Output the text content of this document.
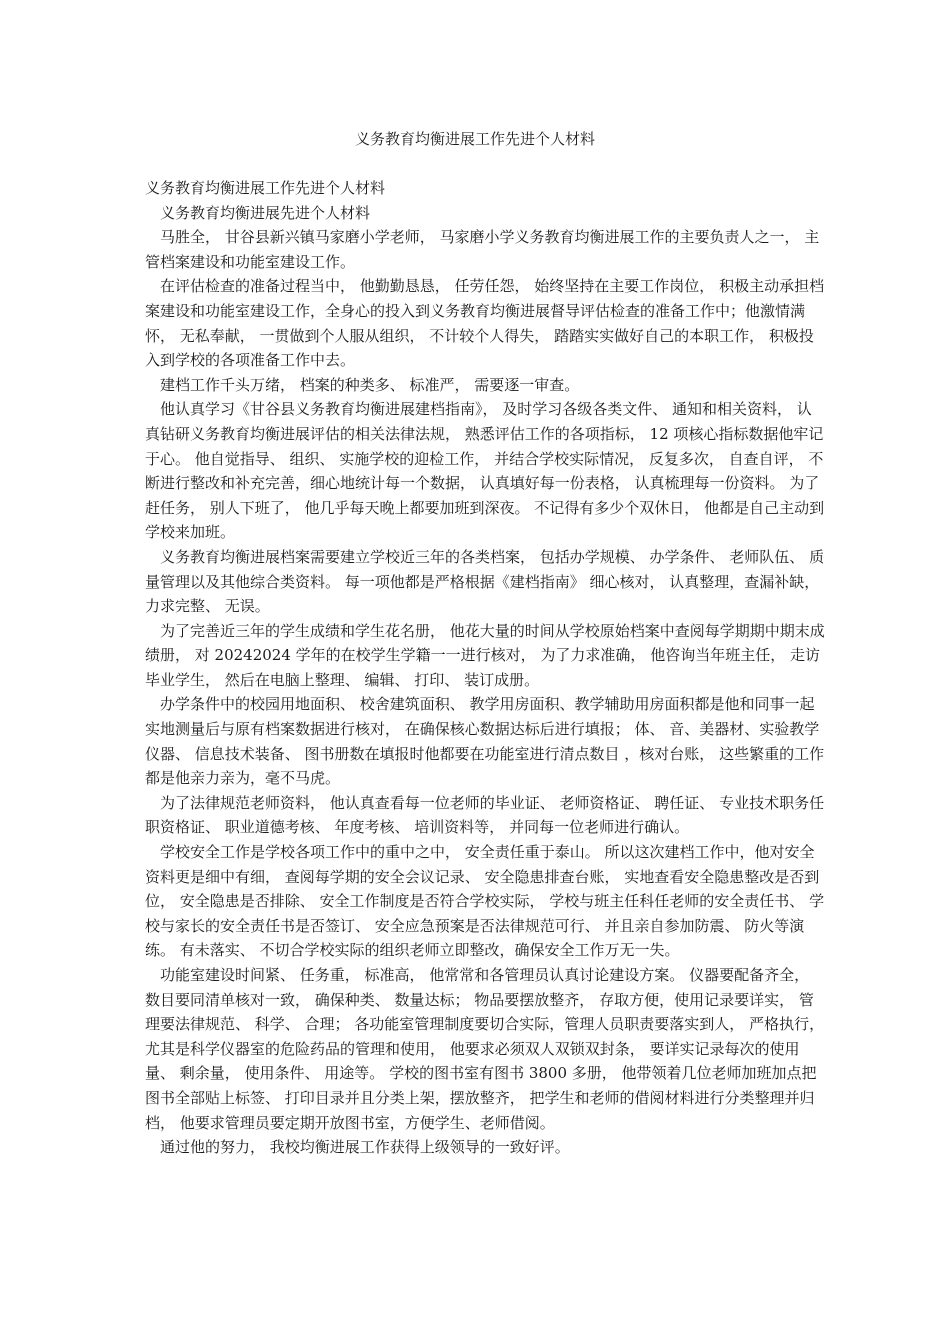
义务教育均衡进展工作先进个人材料

义务教育均衡进展工作先进个人材料

义务教育均衡进展先进个人材料

马胜全， 甘谷县新兴镇马家磨小学老师， 马家磨小学义务教育均衡进展工作的主要负责人之一， 主管档案建设和功能室建设工作。

在评估检查的准备过程当中， 他勤勤恳恳， 任劳任怨， 始终坚持在主要工作岗位， 积极主动承担档案建设和功能室建设工作，全身心的投入到义务教育均衡进展督导评估检查的准备工作中；他激情满怀， 无私奉献， 一贯做到个人服从组织， 不计较个人得失， 踏踏实实做好自己的本职工作， 积极投入到学校的各项准备工作中去。

建档工作千头万绪， 档案的种类多、 标准严， 需要逐一审查。

他认真学习《甘谷县义务教育均衡进展建档指南》， 及时学习各级各类文件、 通知和相关资料， 认真钻研义务教育均衡进展评估的相关法律法规， 熟悉评估工作的各项指标， 12 项核心指标数据他牢记于心。 他自觉指导、 组织、 实施学校的迎检工作， 并结合学校实际情况， 反复多次， 自查自评， 不断进行整改和补充完善，细心地统计每一个数据， 认真填好每一份表格， 认真梳理每一份资料。 为了赶任务， 别人下班了， 他几乎每天晚上都要加班到深夜。 不记得有多少个双休日， 他都是自己主动到学校来加班。

义务教育均衡进展档案需要建立学校近三年的各类档案， 包括办学规模、 办学条件、 老师队伍、 质量管理以及其他综合类资料。 每一项他都是严格根据《建档指南》 细心核对， 认真整理，查漏补缺， 力求完整、 无误。

为了完善近三年的学生成绩和学生花名册， 他花大量的时间从学校原始档案中查阅每学期期中期末成绩册， 对 20242024 学年的在校学生学籍一一进行核对， 为了力求准确， 他咨询当年班主任， 走访毕业学生， 然后在电脑上整理、 编辑、 打印、 装订成册。

办学条件中的校园用地面积、 校舍建筑面积、 教学用房面积、教学辅助用房面积都是他和同事一起实地测量后与原有档案数据进行核对， 在确保核心数据达标后进行填报； 体、 音、美器材、实验教学仪器、 信息技术装备、 图书册数在填报时他都要在功能室进行清点数目 ，核对台账， 这些繁重的工作都是他亲力亲为，毫不马虎。

为了法律规范老师资料， 他认真查看每一位老师的毕业证、 老师资格证、 聘任证、 专业技术职务任职资格证、 职业道德考核、 年度考核、 培训资料等， 并同每一位老师进行确认。

学校安全工作是学校各项工作中的重中之中， 安全责任重于泰山。 所以这次建档工作中，他对安全资料更是细中有细， 查阅每学期的安全会议记录、 安全隐患排查台账， 实地查看安全隐患整改是否到位， 安全隐患是否排除、 安全工作制度是否符合学校实际， 学校与班主任科任老师的安全责任书、 学校与家长的安全责任书是否签订、 安全应急预案是否法律规范可行、 并且亲自参加防震、 防火等演练。 有未落实、 不切合学校实际的组织老师立即整改，确保安全工作万无一失。

功能室建设时间紧、 任务重， 标准高， 他常常和各管理员认真讨论建设方案。 仪器要配备齐全， 数目要同清单核对一致， 确保种类、 数量达标； 物品要摆放整齐， 存取方便，使用记录要详实， 管理要法律规范、 科学、 合理； 各功能室管理制度要切合实际，管理人员职责要落实到人， 严格执行， 尤其是科学仪器室的危险药品的管理和使用， 他要求必须双人双锁双封条， 要详实记录每次的使用量、 剩余量， 使用条件、 用途等。 学校的图书室有图书 3800 多册， 他带领着几位老师加班加点把图书全部贴上标签、 打印目录并且分类上架，摆放整齐， 把学生和老师的借阅材料进行分类整理并归档， 他要求管理员要定期开放图书室，方便学生、老师借阅。

通过他的努力， 我校均衡进展工作获得上级领导的一致好评。
